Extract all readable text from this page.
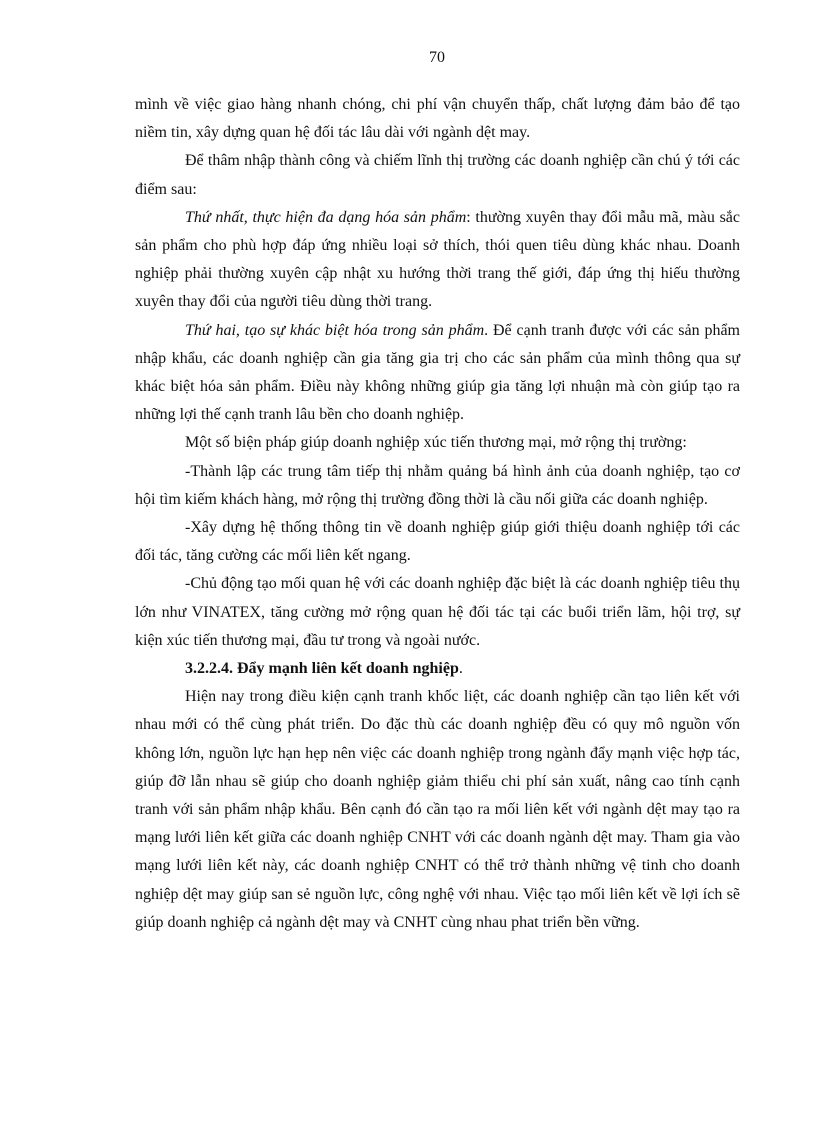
70

mình về việc giao hàng nhanh chóng, chi phí vận chuyển thấp, chất lượng đảm bảo để tạo niềm tin, xây dựng quan hệ đối tác lâu dài với ngành dệt may.

Để thâm nhập thành công và chiếm lĩnh thị trường các doanh nghiệp cần chú ý tới các điểm sau:

Thứ nhất, thực hiện đa dạng hóa sản phẩm: thường xuyên thay đổi mẫu mã, màu sắc sản phẩm cho phù hợp đáp ứng nhiều loại sở thích, thói quen tiêu dùng khác nhau. Doanh nghiệp phải thường xuyên cập nhật xu hướng thời trang thế giới, đáp ứng thị hiếu thường xuyên thay đổi của người tiêu dùng thời trang.

Thứ hai, tạo sự khác biệt hóa trong sản phẩm. Để cạnh tranh được với các sản phẩm nhập khẩu, các doanh nghiệp cần gia tăng gia trị cho các sản phẩm của mình thông qua sự khác biệt hóa sản phẩm. Điều này không những giúp gia tăng lợi nhuận mà còn giúp tạo ra những lợi thế cạnh tranh lâu bền cho doanh nghiệp.

Một số biện pháp giúp doanh nghiệp xúc tiến thương mại, mở rộng thị trường:

-Thành lập các trung tâm tiếp thị nhằm quảng bá hình ảnh của doanh nghiệp, tạo cơ hội tìm kiếm khách hàng, mở rộng thị trường đồng thời là cầu nối giữa các doanh nghiệp.

-Xây dựng hệ thống thông tin về doanh nghiệp giúp giới thiệu doanh nghiệp tới các đối tác, tăng cường các mối liên kết ngang.

-Chủ động tạo mối quan hệ với các doanh nghiệp đặc biệt là các doanh nghiệp tiêu thụ lớn như VINATEX, tăng cường mở rộng quan hệ đối tác tại các buổi triển lãm, hội trợ, sự kiện xúc tiến thương mại, đầu tư trong và ngoài nước.

3.2.2.4. Đẩy mạnh liên kết doanh nghiệp.

Hiện nay trong điều kiện cạnh tranh khốc liệt, các doanh nghiệp cần tạo liên kết với nhau mới có thể cùng phát triển. Do đặc thù các doanh nghiệp đều có quy mô nguồn vốn không lớn, nguồn lực hạn hẹp nên việc các doanh nghiệp trong ngành đẩy mạnh việc hợp tác, giúp đỡ lẫn nhau sẽ giúp cho doanh nghiệp giảm thiểu chi phí sản xuất, nâng cao tính cạnh tranh với sản phẩm nhập khẩu. Bên cạnh đó cần tạo ra mối liên kết với ngành dệt may tạo ra mạng lưới liên kết giữa các doanh nghiệp CNHT với các doanh ngành dệt may. Tham gia vào mạng lưới liên kết này, các doanh nghiệp CNHT có thể trở thành những vệ tinh cho doanh nghiệp dệt may giúp san sẻ nguồn lực, công nghệ với nhau. Việc tạo mối liên kết về lợi ích sẽ giúp doanh nghiệp cả ngành dệt may và CNHT cùng nhau phat triển bền vững.
